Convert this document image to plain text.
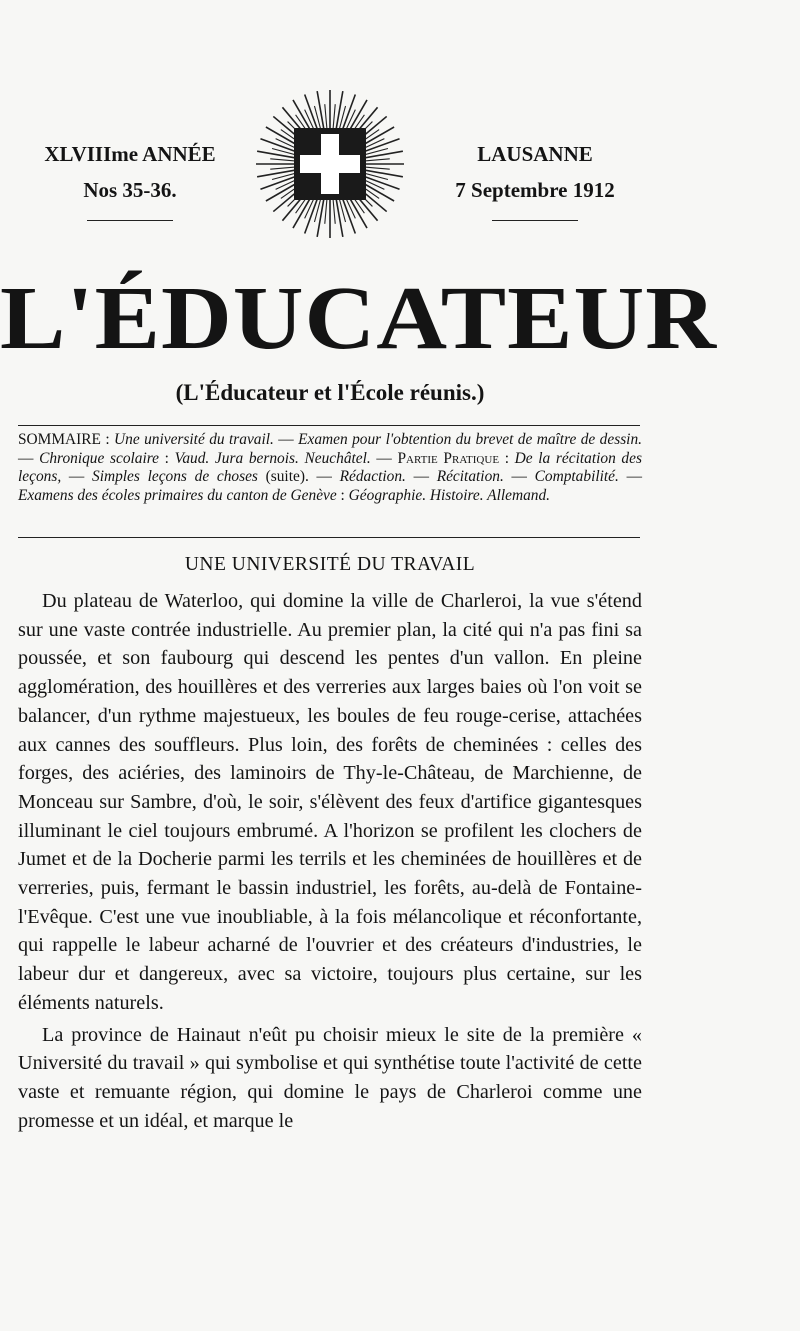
XLVIIIme ANNÉE
Nos 35-36.
LAUSANNE
7 Septembre 1912
L'ÉDUCATEUR
(L'Éducateur et l'École réunis.)
SOMMAIRE : Une université du travail. — Examen pour l'obtention du brevet de maître de dessin. — Chronique scolaire : Vaud. Jura bernois. Neuchâtel. — Partie Pratique : De la récitation des leçons, — Simples leçons de choses (suite). — Rédaction. — Récitation. — Comptabilité. — Examens des écoles primaires du canton de Genève : Géographie. Histoire. Allemand.
UNE UNIVERSITÉ DU TRAVAIL

Du plateau de Waterloo, qui domine la ville de Charleroi, la vue s'étend sur une vaste contrée industrielle. Au premier plan, la cité qui n'a pas fini sa poussée, et son faubourg qui descend les pentes d'un vallon. En pleine agglomération, des houillères et des verreries aux larges baies où l'on voit se balancer, d'un rythme majestueux, les boules de feu rouge-cerise, attachées aux cannes des souffleurs. Plus loin, des forêts de cheminées : celles des forges, des aciéries, des laminoirs de Thy-le-Château, de Marchienne, de Monceau sur Sambre, d'où, le soir, s'élèvent des feux d'artifice gigantesques illuminant le ciel toujours embrumé. A l'horizon se profilent les clochers de Jumet et de la Docherie parmi les terrils et les cheminées de houillères et de verreries, puis, fermant le bassin industriel, les forêts, au-delà de Fontaine-l'Evêque. C'est une vue inoubliable, à la fois mélancolique et réconfortante, qui rappelle le labeur acharné de l'ouvrier et des créateurs d'industries, le labeur dur et dangereux, avec sa victoire, toujours plus certaine, sur les éléments naturels.

La province de Hainaut n'eût pu choisir mieux le site de la première « Université du travail » qui symbolise et qui synthétise toute l'activité de cette vaste et remuante région, qui domine le pays de Charleroi comme une promesse et un idéal, et marque le
